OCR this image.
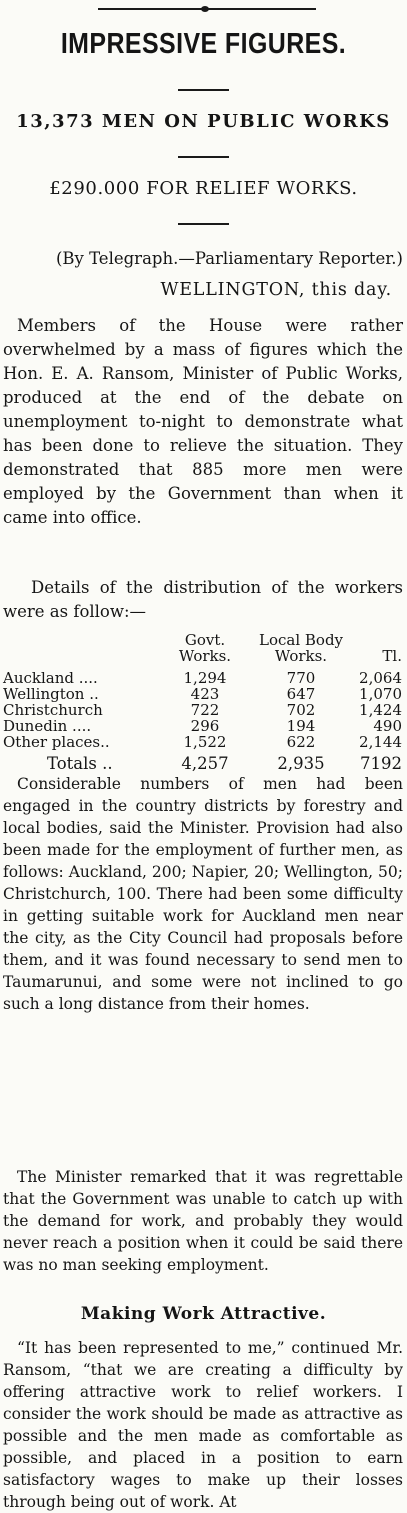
IMPRESSIVE FIGURES.
13,373 MEN ON PUBLIC WORKS
£290.000 FOR RELIEF WORKS.
(By Telegraph.—Parliamentary Reporter.)
WELLINGTON, this day.

Members of the House were rather overwhelmed by a mass of figures which the Hon. E. A. Ransom, Minister of Public Works, produced at the end of the debate on unemployment to-night to demonstrate what has been done to relieve the situation. They demonstrated that 885 more men were employed by the Government than when it came into office.

Details of the distribution of the workers were as follow:—

	Govt.	Local Body	
	Works.	Works.	Tl.

Auckland ....	1,294	770	2,064
Wellington ..	423	647	1,070
Christchurch	722	702	1,424
Dunedin ....	296	194	490
Other places..	1,522	622	2,144
Totals ..	4,257	2,935	7192

Considerable numbers of men had been engaged in the country districts by forestry and local bodies, said the Minister. Provision had also been made for the employment of further men, as follows: Auckland, 200; Napier, 20; Wellington, 50; Christchurch, 100. There had been some difficulty in getting suitable work for Auckland men near the city, as the City Council had proposals before them, and it was found necessary to send men to Taumarunui, and some were not inclined to go such a long distance from their homes.

The Minister remarked that it was regrettable that the Government was unable to catch up with the demand for work, and probably they would never reach a position when it could be said there was no man seeking employment.

Making Work Attractive.

“It has been represented to me,” continued Mr. Ransom, “that we are creating a difficulty by offering attractive work to relief workers. I consider the work should be made as attractive as possible and the men made as comfortable as possible, and placed in a position to earn satisfactory wages to make up their losses through being out of work. At
